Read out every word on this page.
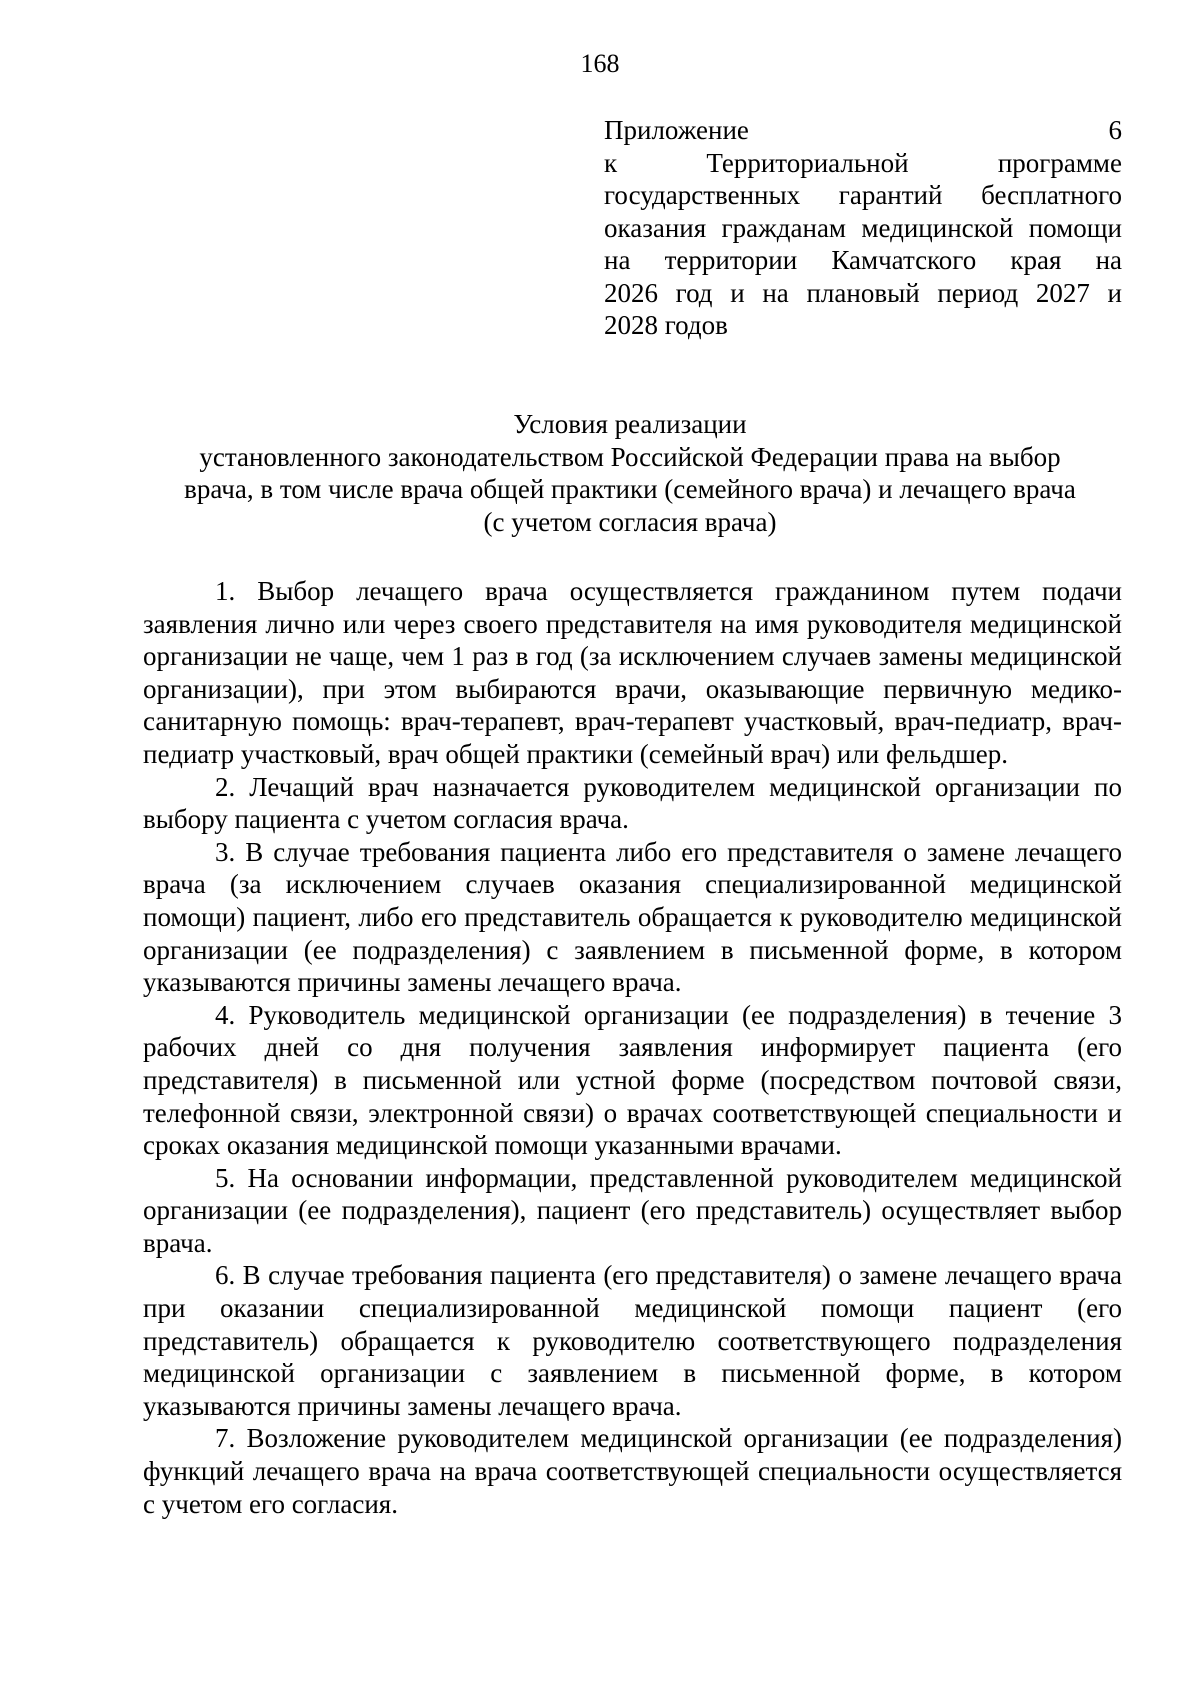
168
Приложение 6
к Территориальной программе
государственных гарантий бесплатного
оказания гражданам медицинской помощи
на территории Камчатского края на
2026 год и на плановый период 2027 и
2028 годов
Условия реализации
установленного законодательством Российской Федерации права на выбор
врача, в том числе врача общей практики (семейного врача) и лечащего врача
(с учетом согласия врача)

1. Выбор лечащего врача осуществляется гражданином путем подачи заявления лично или через своего представителя на имя руководителя медицинской организации не чаще, чем 1 раз в год (за исключением случаев замены медицинской организации), при этом выбираются врачи, оказывающие первичную медико-санитарную помощь: врач-терапевт, врач-терапевт участковый, врач-педиатр, врач-педиатр участковый, врач общей практики (семейный врач) или фельдшер.

2. Лечащий врач назначается руководителем медицинской организации по выбору пациента с учетом согласия врача.

3. В случае требования пациента либо его представителя о замене лечащего врача (за исключением случаев оказания специализированной медицинской помощи) пациент, либо его представитель обращается к руководителю медицинской организации (ее подразделения) с заявлением в письменной форме, в котором указываются причины замены лечащего врача.

4. Руководитель медицинской организации (ее подразделения) в течение 3 рабочих дней со дня получения заявления информирует пациента (его представителя) в письменной или устной форме (посредством почтовой связи, телефонной связи, электронной связи) о врачах соответствующей специальности и сроках оказания медицинской помощи указанными врачами.

5. На основании информации, представленной руководителем медицинской организации (ее подразделения), пациент (его представитель) осуществляет выбор врача.

6. В случае требования пациента (его представителя) о замене лечащего врача при оказании специализированной медицинской помощи пациент (его представитель) обращается к руководителю соответствующего подразделения медицинской организации с заявлением в письменной форме, в котором указываются причины замены лечащего врача.

7. Возложение руководителем медицинской организации (ее подразделения) функций лечащего врача на врача соответствующей специальности осуществляется с учетом его согласия.
